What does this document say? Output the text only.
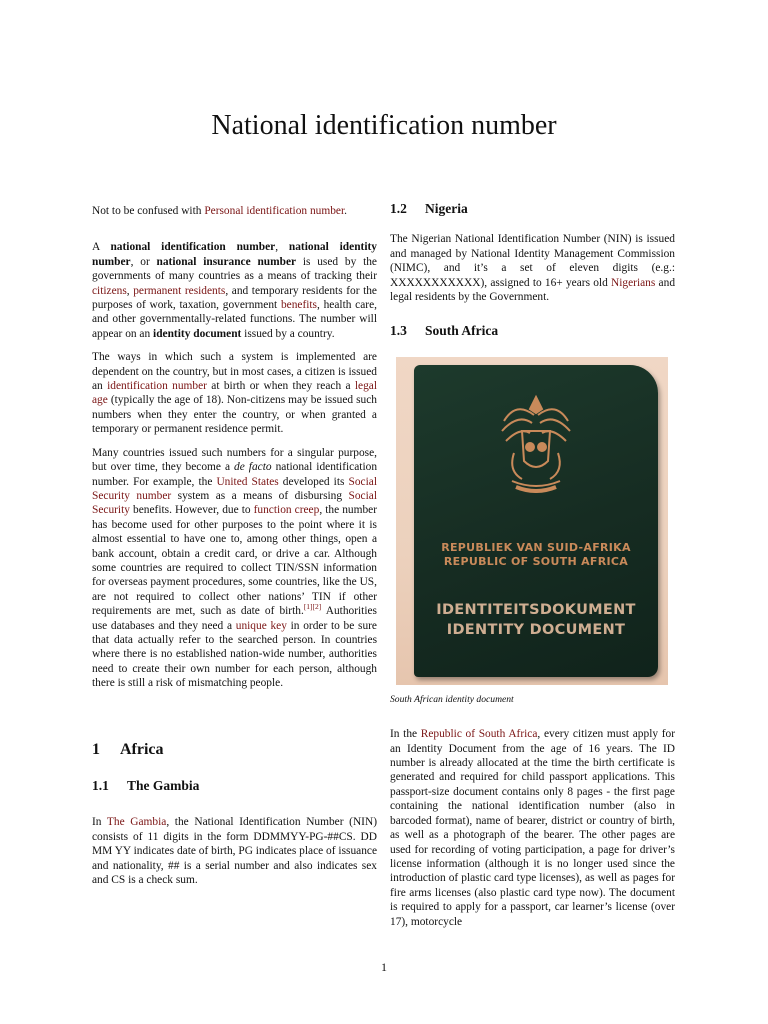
National identification number

Not to be confused with Personal identification number.

A national identification number, national identity number, or national insurance number is used by the governments of many countries as a means of tracking their citizens, permanent residents, and temporary residents for the purposes of work, taxation, government benefits, health care, and other governmentally-related functions. The number will appear on an identity document issued by a country.

The ways in which such a system is implemented are dependent on the country, but in most cases, a citizen is issued an identification number at birth or when they reach a legal age (typically the age of 18). Non-citizens may be issued such numbers when they enter the country, or when granted a temporary or permanent residence permit.

Many countries issued such numbers for a singular purpose, but over time, they become a de facto national identification number. For example, the United States developed its Social Security number system as a means of disbursing Social Security benefits. However, due to function creep, the number has become used for other purposes to the point where it is almost essential to have one to, among other things, open a bank account, obtain a credit card, or drive a car. Although some countries are required to collect TIN/SSN information for overseas payment procedures, some countries, like the US, are not required to collect other nations’ TIN if other requirements are met, such as date of birth.[1][2] Authorities use databases and they need a unique key in order to be sure that data actually refer to the searched person. In countries where there is no established nation-wide number, authorities need to create their own number for each person, although there is still a risk of mismatching people.

1 Africa
1.1 The Gambia

In The Gambia, the National Identification Number (NIN) consists of 11 digits in the form DDMMYY-PG-##CS. DD MM YY indicates date of birth, PG indicates place of issuance and nationality, ## is a serial number and also indicates sex and CS is a check sum.

1.2 Nigeria

The Nigerian National Identification Number (NIN) is issued and managed by National Identity Management Commission (NIMC), and it’s a set of eleven digits (e.g.: XXXXXXXXXXX), assigned to 16+ years old Nigerians and legal residents by the Government.

1.3 South Africa
REPUBLIEK VAN SUID-AFRIKA
REPUBLIC OF SOUTH AFRICA
IDENTITEITSDOKUMENT
IDENTITY DOCUMENT
South African identity document

In the Republic of South Africa, every citizen must apply for an Identity Document from the age of 16 years. The ID number is already allocated at the time the birth certificate is generated and required for child passport applications. This passport-size document contains only 8 pages - the first page containing the national identification number (also in barcoded format), name of bearer, district or country of birth, as well as a photograph of the bearer. The other pages are used for recording of voting participation, a page for driver’s license information (although it is no longer used since the introduction of plastic card type licenses), as well as pages for fire arms licenses (also plastic card type now). The document is required to apply for a passport, car learner’s license (over 17), motorcycle

1
